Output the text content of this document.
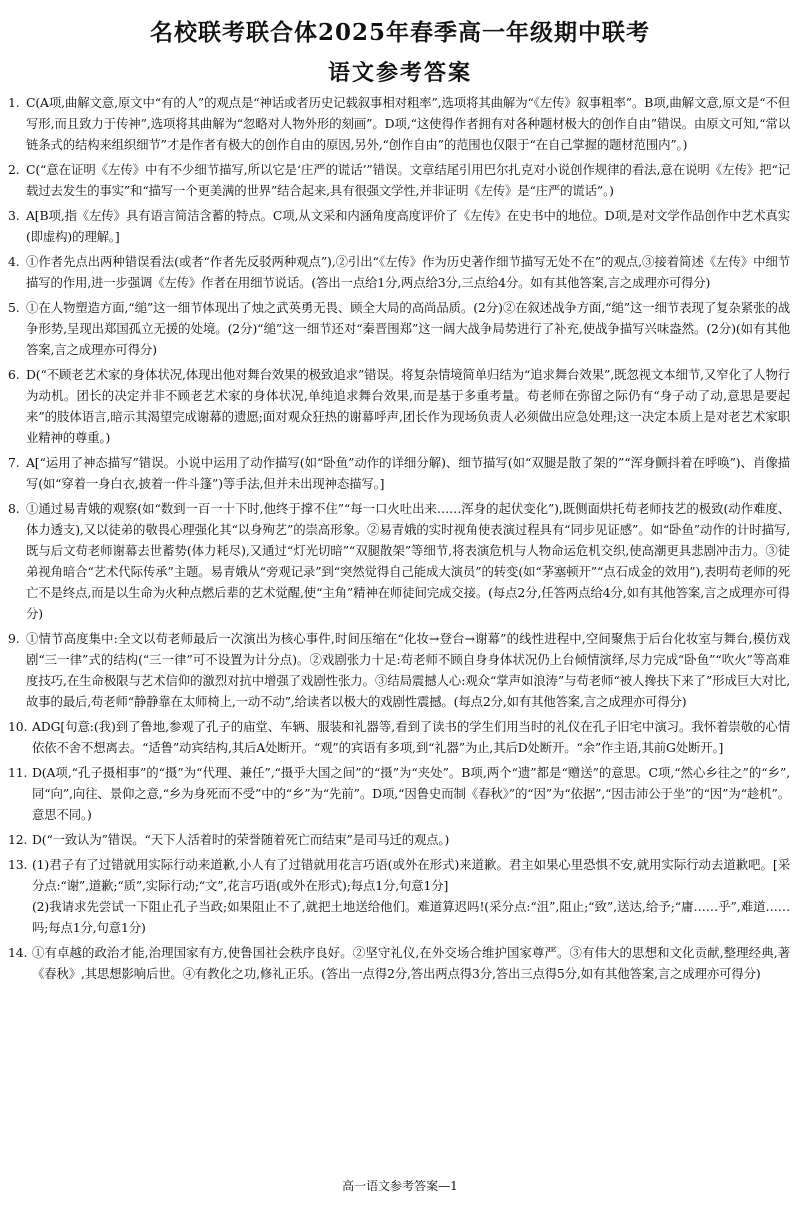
名校联考联合体2025年春季高一年级期中联考
语文参考答案
1. C(A项,曲解文意,原文中“有的人”的观点是“神话或者历史记载叙事相对粗率”,选项将其曲解为“《左传》叙事粗率”。B项,曲解文意,原文是“不但写形,而且致力于传神”,选项将其曲解为“忽略对人物外形的刻画”。D项,“这使得作者拥有对各种题材极大的创作自由”错误。由原文可知,“常以链条式的结构来组织细节”才是作者有极大的创作自由的原因,另外,“创作自由”的范围也仅限于“在自己掌握的题材范围内”。)
2. C(“意在证明《左传》中有不少细节描写,所以它是‘庄严的谎话’”错误。文章结尾引用巴尔扎克对小说创作规律的看法,意在说明《左传》把“记载过去发生的事实”和“描写一个更美满的世界”结合起来,具有很强文学性,并非证明《左传》是“庄严的谎话”。)
3. A[B项,指《左传》具有语言简洁含蓄的特点。C项,从文采和内涵角度高度评价了《左传》在史书中的地位。D项,是对文学作品创作中艺术真实(即虚构)的理解。]
4. ①作者先点出两种错误看法(或者“作者先反驳两种观点”),②引出“《左传》作为历史著作细节描写无处不在”的观点,③接着简述《左传》中细节描写的作用,进一步强调《左传》作者在用细节说话。(答出一点给1分,两点给3分,三点给4分。如有其他答案,言之成理亦可得分)
5. ①在人物塑造方面,“缒”这一细节体现出了烛之武英勇无畏、顾全大局的高尚品质。(2分)②在叙述战争方面,“缒”这一细节表现了复杂紧张的战争形势,呈现出郑国孤立无援的处境。(2分)“缒”这一细节还对“秦晋围郑”这一阔大战争局势进行了补充,使战争描写兴味盎然。(2分)(如有其他答案,言之成理亦可得分)
6. D(“不顾老艺术家的身体状况,体现出他对舞台效果的极致追求”错误。将复杂情境简单归结为“追求舞台效果”,既忽视文本细节,又窄化了人物行为动机。团长的决定并非不顾老艺术家的身体状况,单纯追求舞台效果,而是基于多重考量。苟老师在弥留之际仍有“身子动了动,意思是要起来”的肢体语言,暗示其渴望完成谢幕的遗愿;面对观众狂热的谢幕呼声,团长作为现场负责人必须做出应急处理;这一决定本质上是对老艺术家职业精神的尊重。)
7. A[“运用了神态描写”错误。小说中运用了动作描写(如“卧鱼”动作的详细分解)、细节描写(如“双腿是散了架的”“浑身颤抖着在呼唤”)、肖像描写(如“穿着一身白衣,披着一件斗篷”)等手法,但并未出现神态描写。]
8. ①通过易青娥的观察(如“数到一百一十下时,他终于撑不住”“每一口火吐出来……浑身的起伏变化”),既侧面烘托苟老师技艺的极致(动作难度、体力透支),又以徒弟的敬畏心理强化其“以身殉艺”的崇高形象。②易青娥的实时视角使表演过程具有“同步见证感”。如“卧鱼”动作的计时描写,既与后文苟老师谢幕去世蓄势(体力耗尽),又通过“灯光切暗”“双腿散架”等细节,将表演危机与人物命运危机交织,使高潮更具悲剧冲击力。③徒弟视角暗合“艺术代际传承”主题。易青娥从“旁观记录”到“突然觉得自己能成大演员”的转变(如“茅塞顿开”“点石成金的效用”),表明苟老师的死亡不是终点,而是以生命为火种点燃后辈的艺术觉醒,使“主角”精神在师徒间完成交接。(每点2分,任答两点给4分,如有其他答案,言之成理亦可得分)
9. ①情节高度集中:全文以苟老师最后一次演出为核心事件,时间压缩在“化妆→登台→谢幕”的线性进程中,空间聚焦于后台化妆室与舞台,模仿戏剧“三一律”式的结构(“三一律”可不设置为计分点)。②戏剧张力十足:苟老师不顾自身身体状况仍上台倾情演绎,尽力完成“卧鱼”“吹火”等高难度技巧,在生命极限与艺术信仰的激烈对抗中增强了戏剧性张力。③结局震撼人心:观众“掌声如浪涛”与苟老师“被人搀扶下来了”形成巨大对比,故事的最后,苟老师“静静靠在太师椅上,一动不动”,给读者以极大的戏剧性震撼。(每点2分,如有其他答案,言之成理亦可得分)
10. ADG[句意:(我)到了鲁地,参观了孔子的庙堂、车辆、服装和礼器等,看到了读书的学生们用当时的礼仪在孔子旧宅中演习。我怀着崇敬的心情依依不舍不想离去。“适鲁”动宾结构,其后A处断开。“观”的宾语有多项,到“礼器”为止,其后D处断开。“余”作主语,其前G处断开。]
11. D(A项,“孔子摄相事”的“摄”为“代理、兼任”,“摄乎大国之间”的“摄”为“夹处”。B项,两个“遗”都是“赠送”的意思。C项,“然心乡往之”的“乡”,同“向”,向往、景仰之意,“乡为身死而不受”中的“乡”为“先前”。D项,“因鲁史而制《春秋》”的“因”为“依据”,“因击沛公于坐”的“因”为“趁机”。意思不同。)
12. D(“一致认为”错误。“天下人活着时的荣誉随着死亡而结束”是司马迁的观点。)
13. (1)君子有了过错就用实际行动来道歉,小人有了过错就用花言巧语(或外在形式)来道歉。君主如果心里恐惧不安,就用实际行动去道歉吧。[采分点:“谢”,道歉;“质”,实际行动;“文”,花言巧语(或外在形式);每点1分,句意1分]
(2)我请求先尝试一下阻止孔子当政;如果阻止不了,就把土地送给他们。难道算迟吗!(采分点:“沮”,阻止;“致”,送达,给予;“庸……乎”,难道……吗;每点1分,句意1分)
14. ①有卓越的政治才能,治理国家有方,使鲁国社会秩序良好。②坚守礼仪,在外交场合维护国家尊严。③有伟大的思想和文化贡献,整理经典,著《春秋》,其思想影响后世。④有教化之功,修礼正乐。(答出一点得2分,答出两点得3分,答出三点得5分,如有其他答案,言之成理亦可得分)
高一语文参考答案—1
